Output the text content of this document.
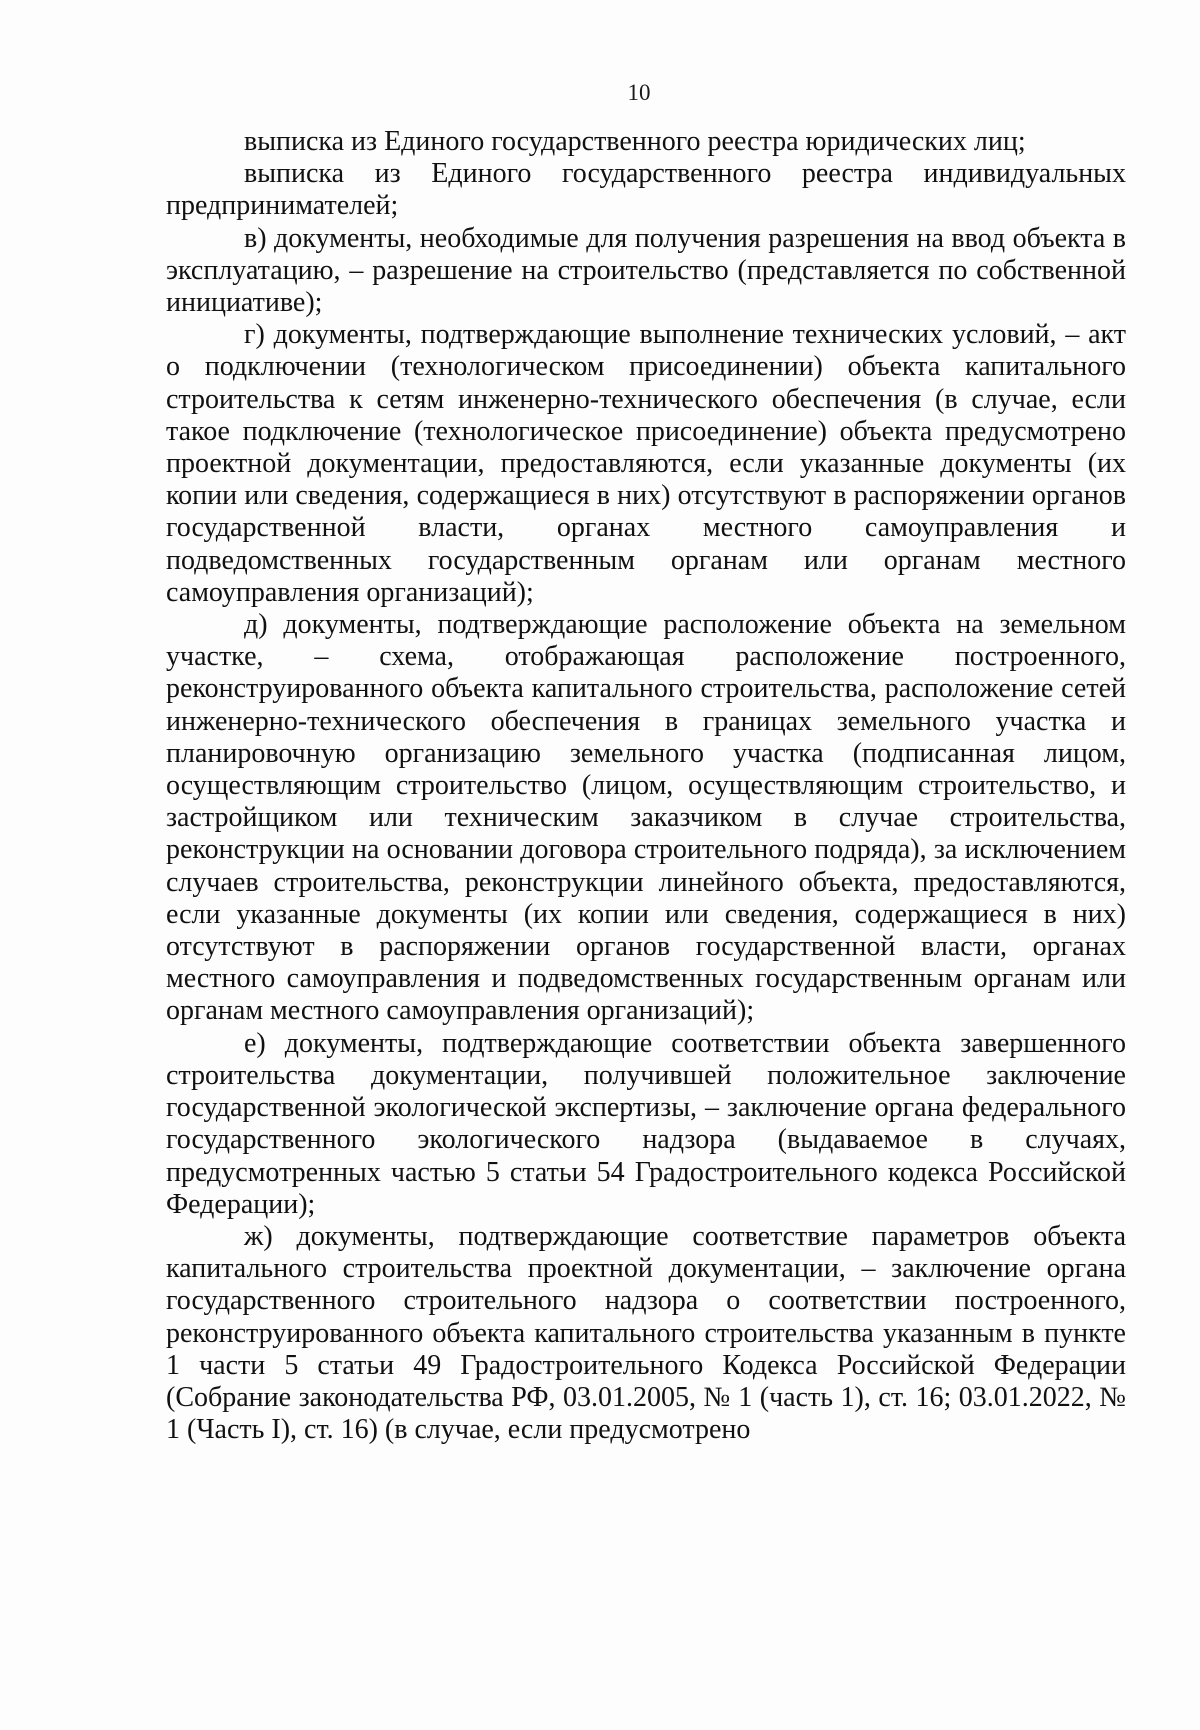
10

выписка из Единого государственного реестра юридических лиц;

выписка из Единого государственного реестра индивидуальных предпринимателей;

в) документы, необходимые для получения разрешения на ввод объекта в эксплуатацию, – разрешение на строительство (представляется по собственной инициативе);

г) документы, подтверждающие выполнение технических условий, – акт о подключении (технологическом присоединении) объекта капитального строительства к сетям инженерно-технического обеспечения (в случае, если такое подключение (технологическое присоединение) объекта предусмотрено проектной документации, предоставляются, если указанные документы (их копии или сведения, содержащиеся в них) отсутствуют в распоряжении органов государственной власти, органах местного самоуправления и подведомственных государственным органам или органам местного самоуправления организаций);

д) документы, подтверждающие расположение объекта на земельном участке, – схема, отображающая расположение построенного, реконструированного объекта капитального строительства, расположение сетей инженерно-технического обеспечения в границах земельного участка и планировочную организацию земельного участка (подписанная лицом, осуществляющим строительство (лицом, осуществляющим строительство, и застройщиком или техническим заказчиком в случае строительства, реконструкции на основании договора строительного подряда), за исключением случаев строительства, реконструкции линейного объекта, предоставляются, если указанные документы (их копии или сведения, содержащиеся в них) отсутствуют в распоряжении органов государственной власти, органах местного самоуправления и подведомственных государственным органам или органам местного самоуправления организаций);

е) документы, подтверждающие соответствии объекта завершенного строительства документации, получившей положительное заключение государственной экологической экспертизы, – заключение органа федерального государственного экологического надзора (выдаваемое в случаях, предусмотренных частью 5 статьи 54 Градостроительного кодекса Российской Федерации);

ж) документы, подтверждающие соответствие параметров объекта капитального строительства проектной документации, – заключение органа государственного строительного надзора о соответствии построенного, реконструированного объекта капитального строительства указанным в пункте 1 части 5 статьи 49 Градостроительного Кодекса Российской Федерации (Собрание законодательства РФ, 03.01.2005, № 1 (часть 1), ст. 16; 03.01.2022, № 1 (Часть I), ст. 16) (в случае, если предусмотрено
